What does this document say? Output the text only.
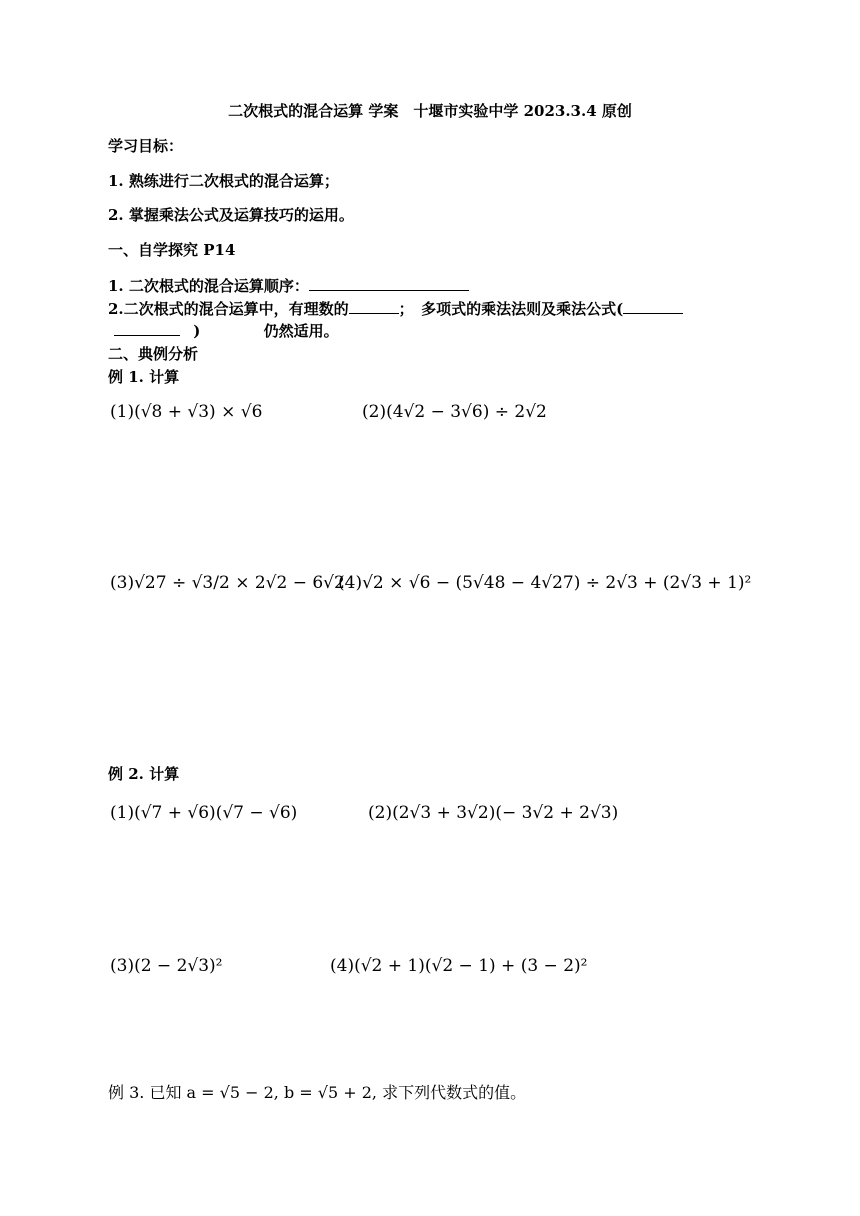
二次根式的混合运算 学案　十堰市实验中学 2023.3.4 原创
学习目标：
1. 熟练进行二次根式的混合运算；
2. 掌握乘法公式及运算技巧的运用。
一、自学探究 P14
1. 二次根式的混合运算顺序：
2.二次根式的混合运算中，有理数的	；　多项式的乘法法则及乘法公式(
)	仍然适用。
二、典例分析
例 1. 计算
(1)(√8 + √3) × √6	(2)(4√2 − 3√6) ÷ 2√2
(3)√27 ÷ √3/2 × 2√2 − 6√2
(4)√2 × √6 − (5√48 − 4√27) ÷ 2√3 + (2√3 + 1)²
例 2. 计算
(1)(√7 + √6)(√7 − √6)	(2)(2√3 + 3√2)(− 3√2 + 2√3)
(3)(2 − 2√3)²	(4)(√2 + 1)(√2 − 1) + (3 − 2)²
例 3. 已知 a = √5 − 2, b = √5 + 2, 求下列代数式的值。
